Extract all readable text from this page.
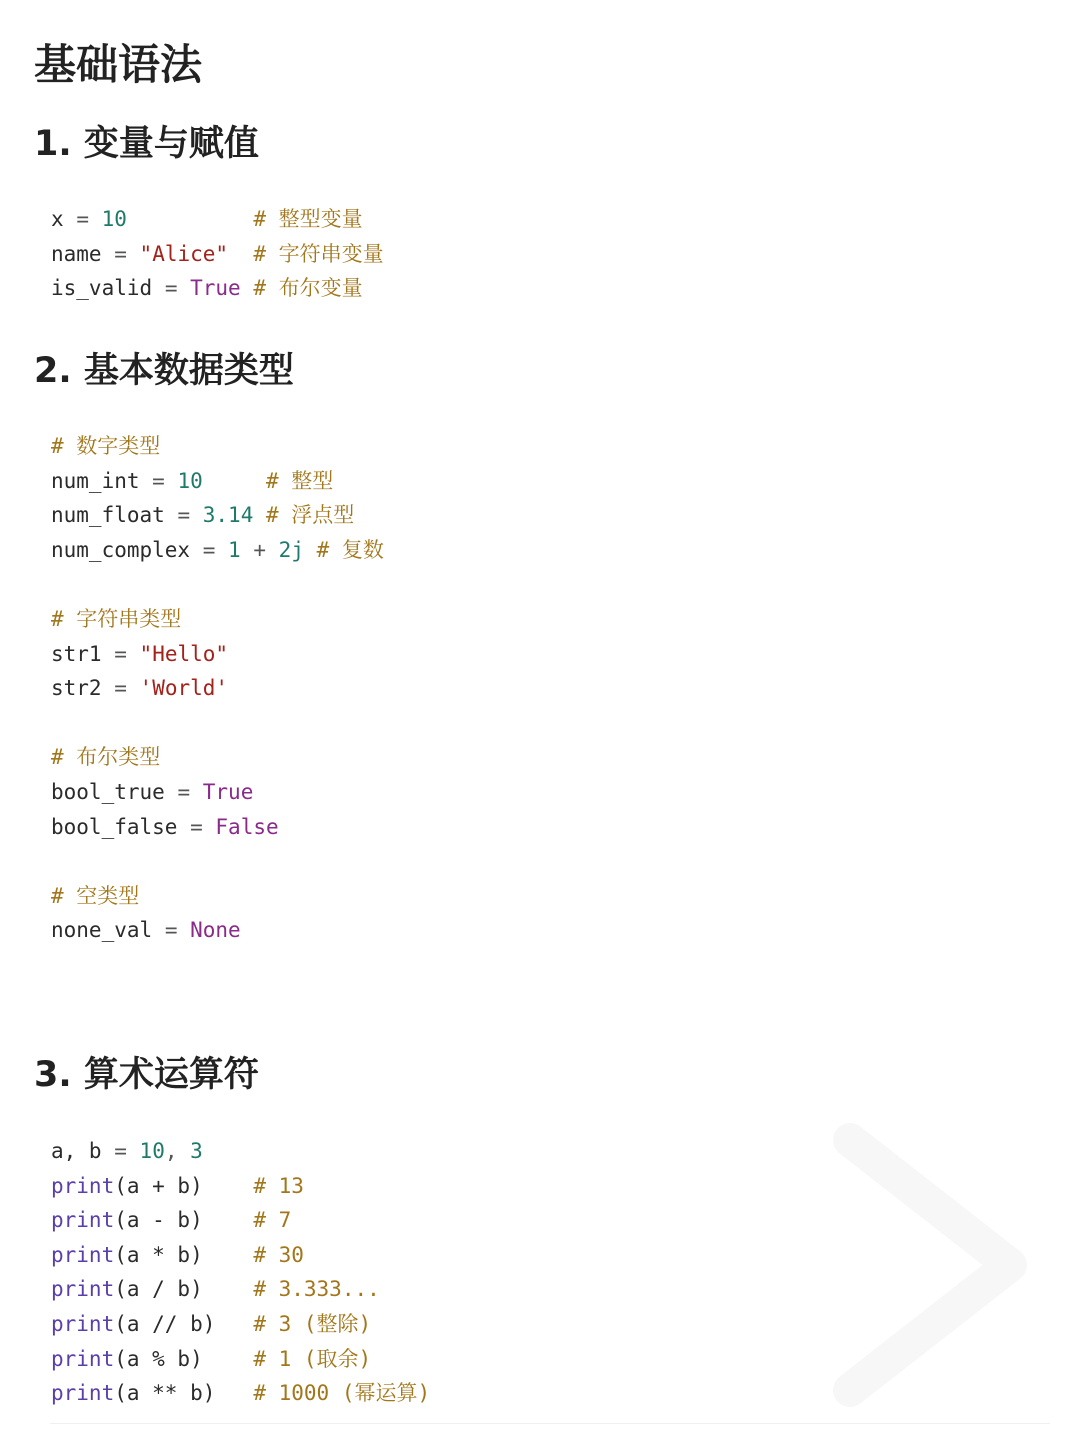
基础语法
1. 变量与赋值
x = 10	# 整型变量
name = "Alice" # 字符串变量
is_valid = True # 布尔变量
2. 基本数据类型
# 数字类型
num_int = 10	# 整型
num_float = 3.14 # 浮点型
num_complex = 1 + 2j # 复数

# 字符串类型
str1 = "Hello"
str2 = 'World'

# 布尔类型
bool_true = True
bool_false = False

# 空类型
none_val = None
3. 算术运算符
a, b = 10, 3
print(a + b) # 13
print(a - b) # 7
print(a * b) # 30
print(a / b) # 3.333...
print(a // b) # 3 (整除)
print(a % b) # 1 (取余)
print(a ** b) # 1000 (幂运算)
